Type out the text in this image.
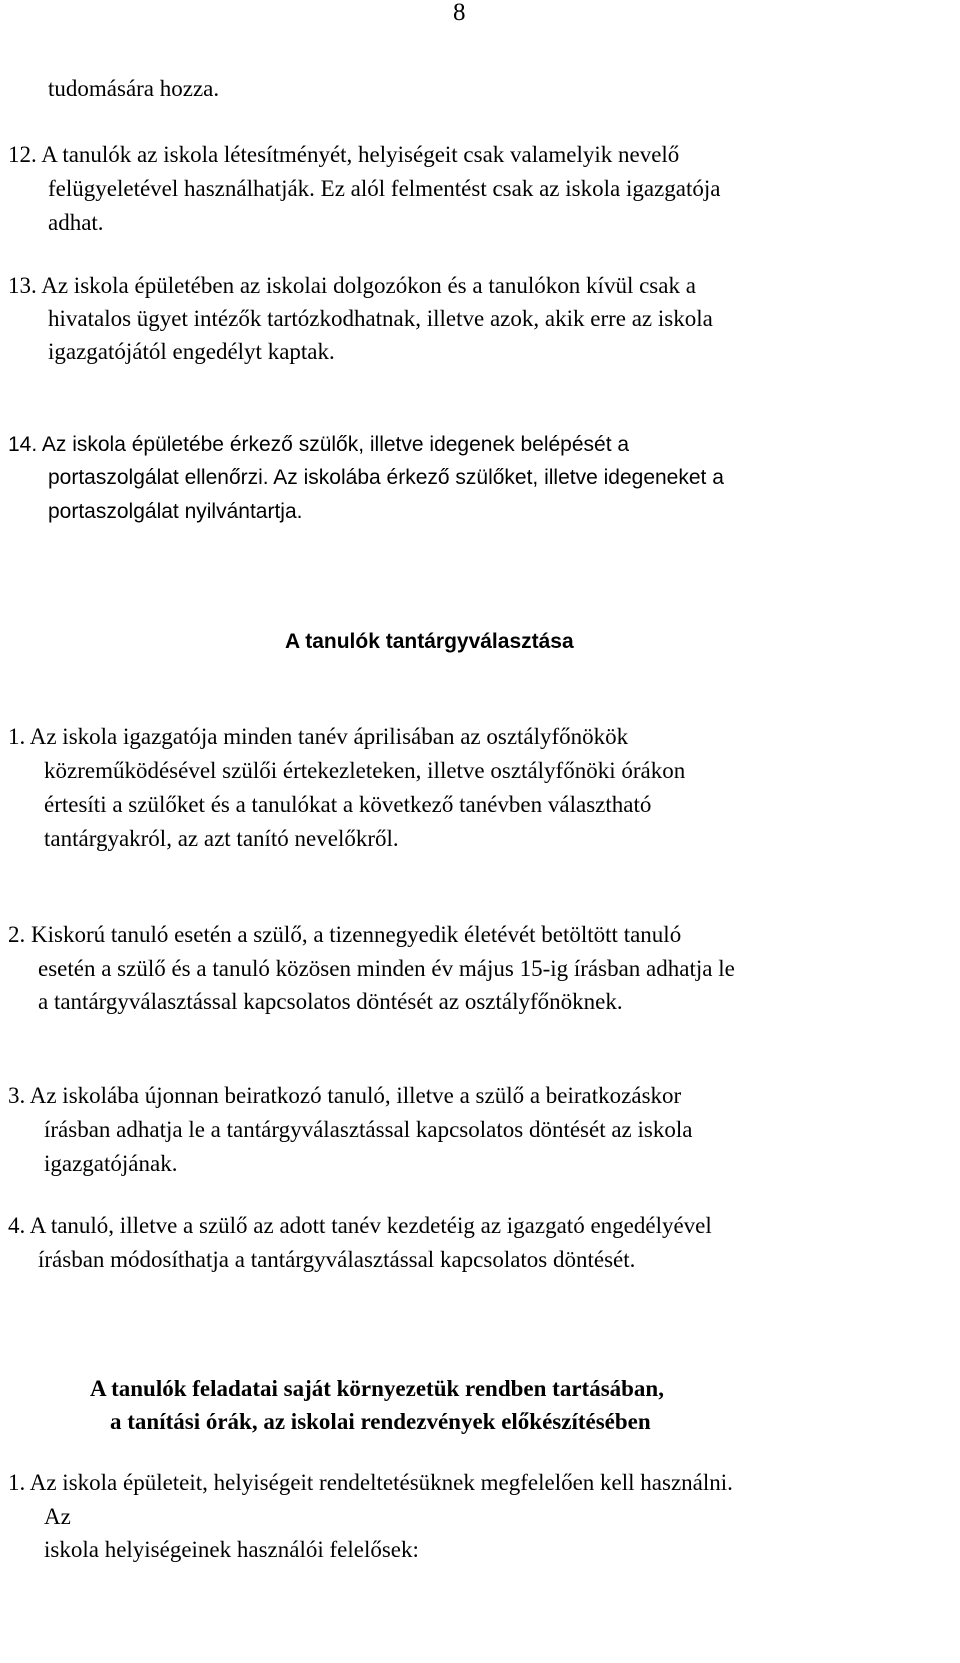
8
tudomására hozza.
12. A tanulók az iskola létesítményét, helyiségeit csak valamelyik nevelő
felügyeletével használhatják. Ez alól felmentést csak az iskola igazgatója
adhat.
13. Az iskola épületében az iskolai dolgozókon és a tanulókon kívül csak a
hivatalos ügyet intézők tartózkodhatnak, illetve azok, akik erre az iskola
igazgatójától engedélyt kaptak.
14. Az iskola épületébe érkező szülők, illetve idegenek belépését a
portaszolgálat ellenőrzi. Az iskolába érkező szülőket, illetve idegeneket a
portaszolgálat nyilvántartja.
A tanulók tantárgyválasztása
1. Az iskola igazgatója minden tanév áprilisában az osztályfőnökök
közreműködésével szülői értekezleteken, illetve osztályfőnöki órákon
értesíti a szülőket és a tanulókat a következő tanévben választható
tantárgyakról, az azt tanító nevelőkről.
2. Kiskorú tanuló esetén a szülő, a tizennegyedik életévét betöltött tanuló
esetén a szülő és a tanuló közösen minden év május 15-ig írásban adhatja le
a tantárgyválasztással kapcsolatos döntését az osztályfőnöknek.
3. Az iskolába újonnan beiratkozó tanuló, illetve a szülő a beiratkozáskor
írásban adhatja le a tantárgyválasztással kapcsolatos döntését az iskola
igazgatójának.
4. A tanuló, illetve a szülő az adott tanév kezdetéig az igazgató engedélyével
írásban módosíthatja a tantárgyválasztással kapcsolatos döntését.
A tanulók feladatai saját környezetük rendben tartásában,
a tanítási órák, az iskolai rendezvények előkészítésében
1. Az iskola épületeit, helyiségeit rendeltetésüknek megfelelően kell használni.
Az
iskola helyiségeinek használói felelősek:
